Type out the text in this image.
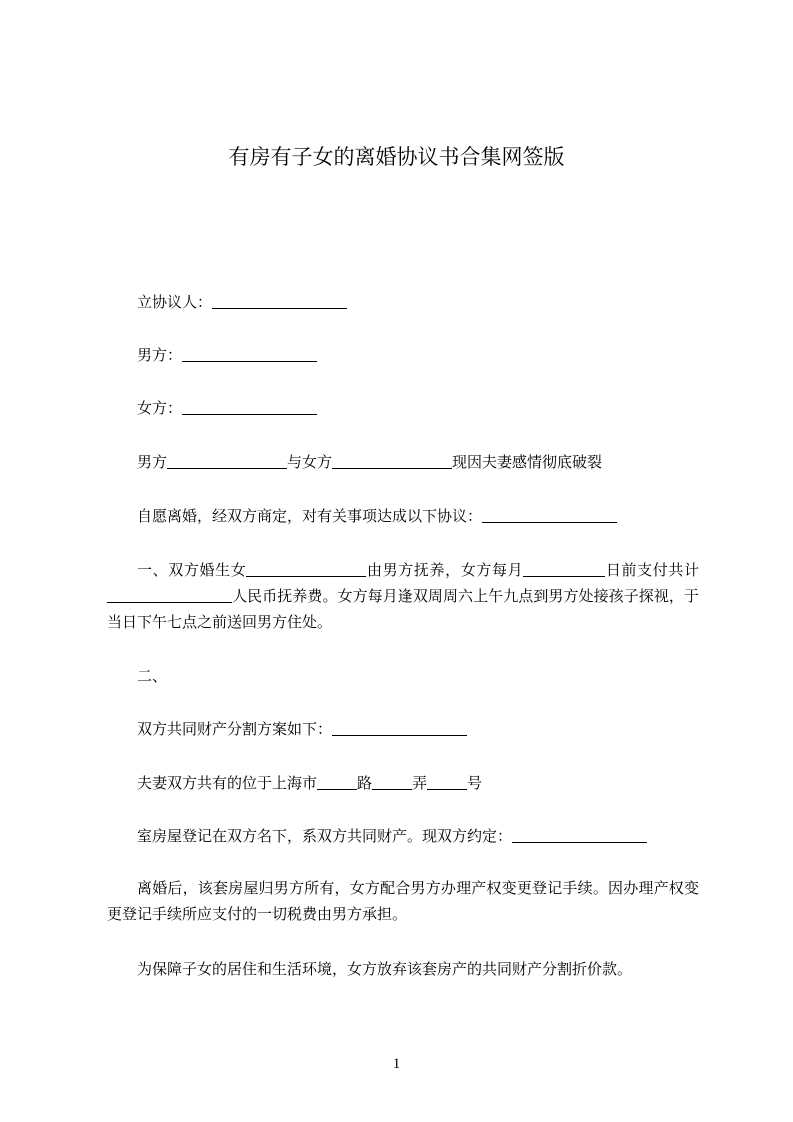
有房有子女的离婚协议书合集网签版

立协议人：

男方：

女方：

男方	与女方	现因夫妻感情彻底破裂

自愿离婚，经双方商定，对有关事项达成以下协议：

一、双方婚生女	由男方抚养，女方每月	日前支付共计人民币抚养费。女方每月逢双周周六上午九点到男方处接孩子探视，于当日下午七点之前送回男方住处。

二、

双方共同财产分割方案如下：

夫妻双方共有的位于上海市	路	弄	号

室房屋登记在双方名下，系双方共同财产。现双方约定：

离婚后，该套房屋归男方所有，女方配合男方办理产权变更登记手续。因办理产权变更登记手续所应支付的一切税费由男方承担。

为保障子女的居住和生活环境，女方放弃该套房产的共同财产分割折价款。

1
